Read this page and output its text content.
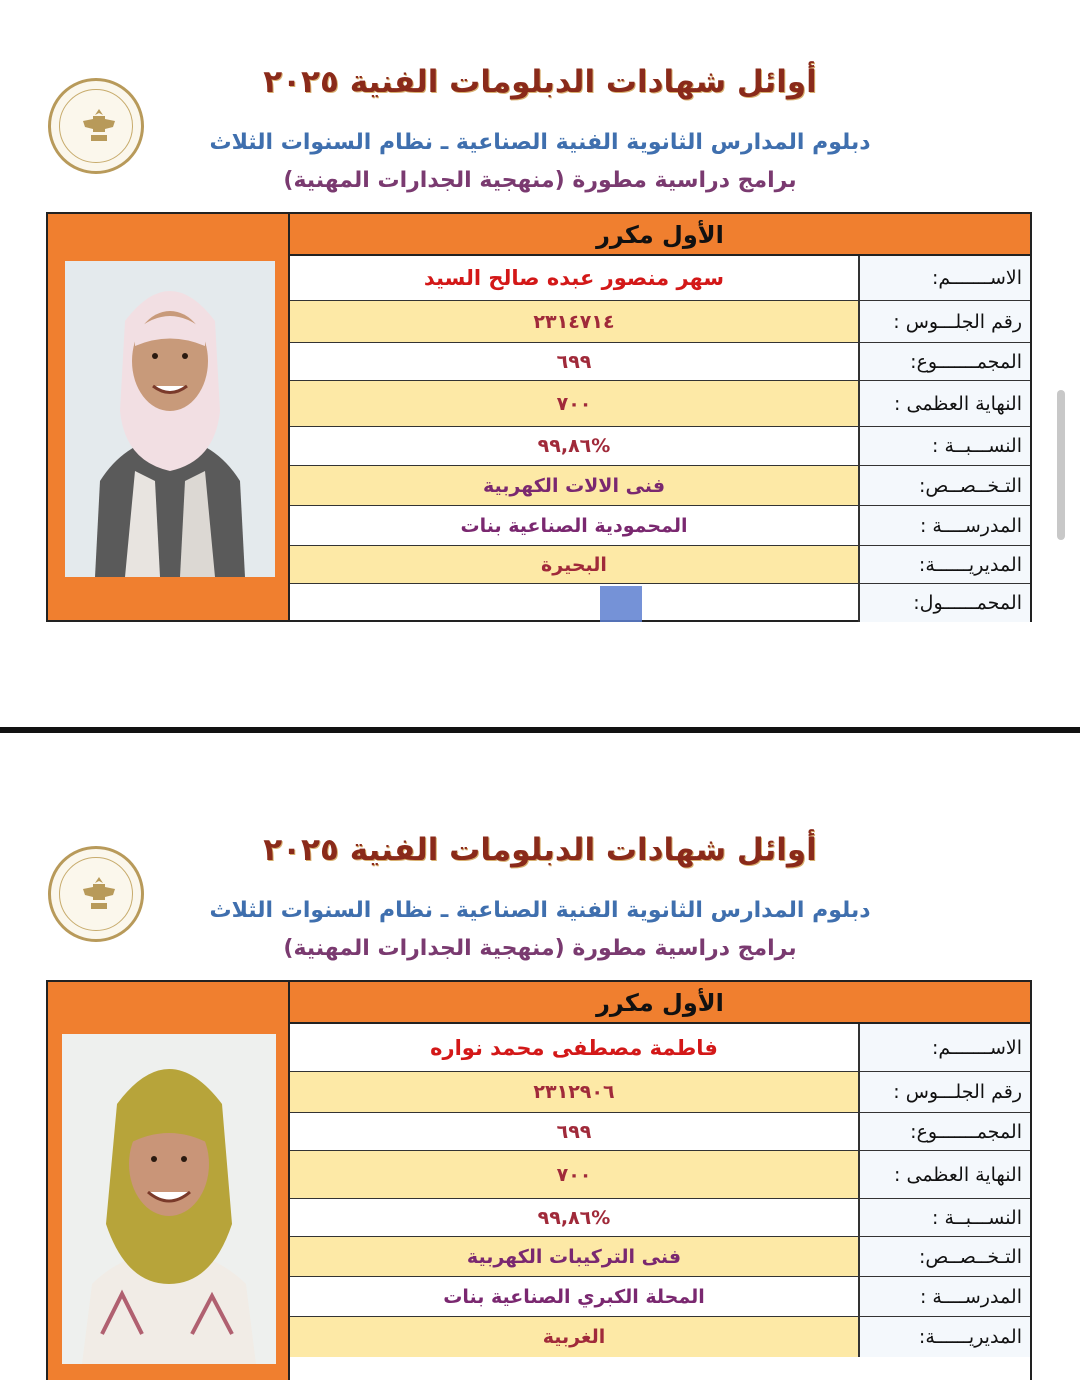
أوائل شهادات الدبلومات الفنية ٢٠٢٥
دبلوم المدارس الثانوية الفنية الصناعية ـ نظام السنوات الثلاث
برامج دراسية مطورة (منهجية الجدارات المهنية)
الأول مكرر
سهر منصور عبده صالح السيد	الاســـــــم:
٢٣١٤٧١٤	رقم الجلـــوس :
٦٩٩	المجمـــــــوع:
٧٠٠	النهاية العظمى :
٩٩,٨٦%	النســـبــة :
فنى الالات الكهربية	التـخــصــص:
المحمودية الصناعية بنات	المدرســــة :
البحيرة	المديريــــــة:
المحمــــــول:
أوائل شهادات الدبلومات الفنية ٢٠٢٥
دبلوم المدارس الثانوية الفنية الصناعية ـ نظام السنوات الثلاث
برامج دراسية مطورة (منهجية الجدارات المهنية)
الأول مكرر
فاطمة مصطفى محمد نواره	الاســـــــم:
٢٣١٢٩٠٦	رقم الجلـــوس :
٦٩٩	المجمـــــــوع:
٧٠٠	النهاية العظمى :
٩٩,٨٦%	النســـبــة :
فنى التركيبات الكهربية	التـخــصــص:
المحلة الكبري الصناعية بنات	المدرســــة :
الغربية	المديريــــــة:
